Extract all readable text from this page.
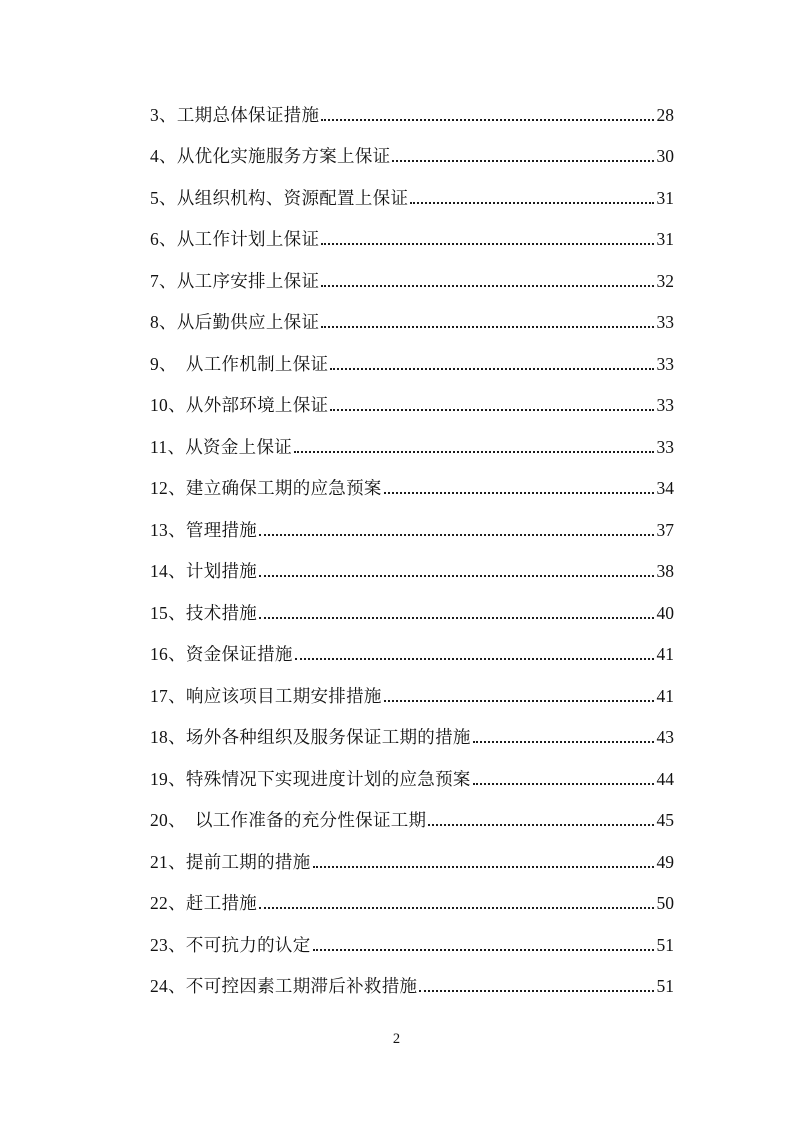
3、工期总体保证措施	28
4、从优化实施服务方案上保证	30
5、从组织机构、资源配置上保证	31
6、从工作计划上保证	31
7、从工序安排上保证	32
8、从后勤供应上保证	33
9、　从工作机制上保证	33
10、从外部环境上保证	33
11、从资金上保证	33
12、建立确保工期的应急预案	34
13、管理措施	37
14、计划措施	38
15、技术措施	40
16、资金保证措施	41
17、响应该项目工期安排措施	41
18、场外各种组织及服务保证工期的措施	43
19、特殊情况下实现进度计划的应急预案	44
20、　以工作准备的充分性保证工期	45
21、提前工期的措施	49
22、赶工措施	50
23、不可抗力的认定	51
24、不可控因素工期滞后补救措施	51
2
